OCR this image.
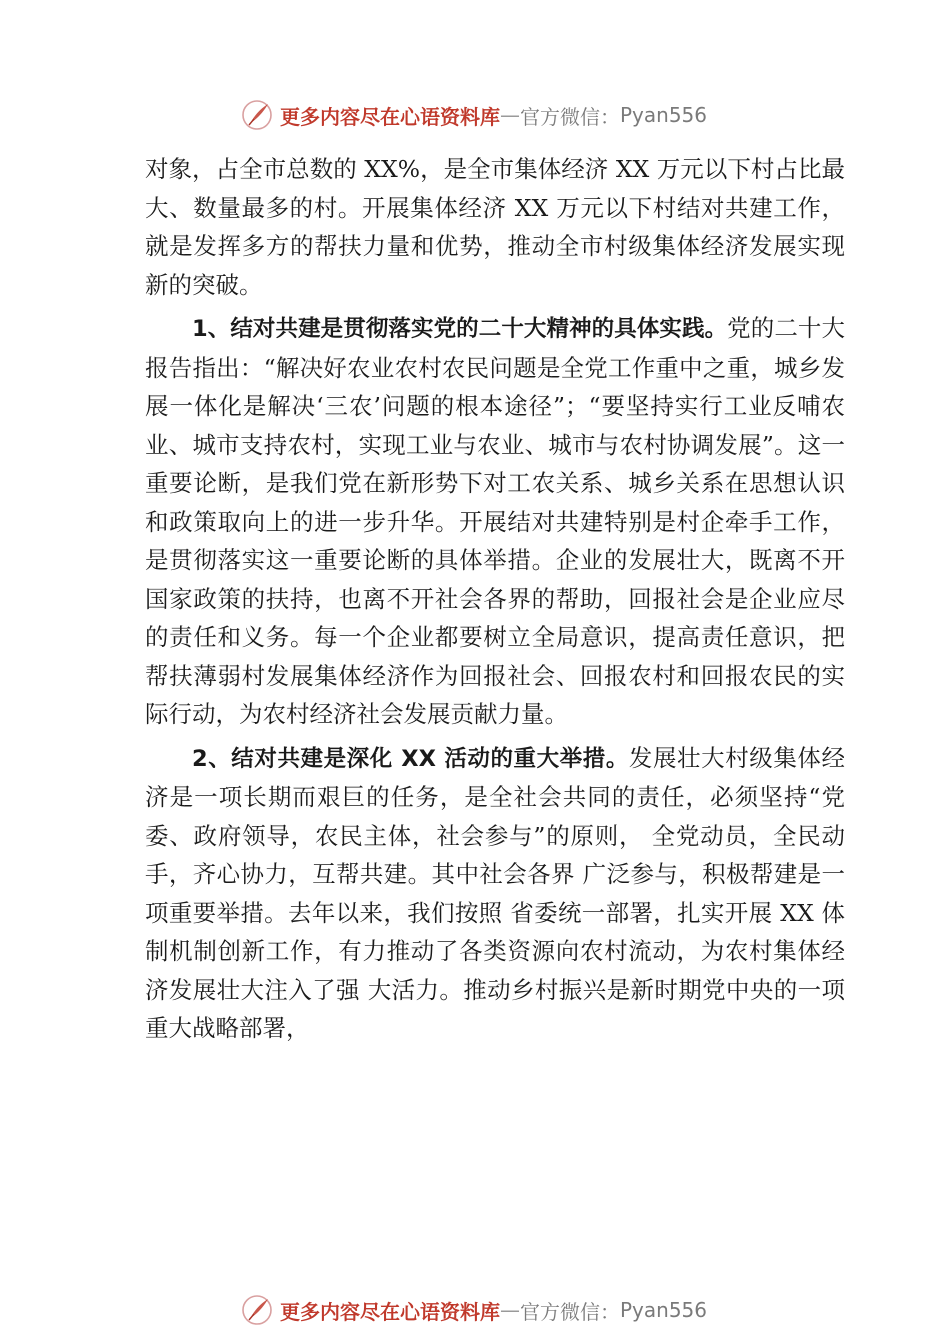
更多内容尽在心语资料库 — 官方微信： Pyan556

对象，占全市总数的 XX%，是全市集体经济 XX 万元以下村占比最大、数量最多的村。开展集体经济 XX 万元以下村结对共建工作，就是发挥多方的帮扶力量和优势，推动全市村级集体经济发展实现新的突破。

1、结对共建是贯彻落实党的二十大精神的具体实践。党的二十大报告指出：“解决好农业农村农民问题是全党工作重中之重，城乡发展一体化是解决‘三农’问题的根本途径”；“要坚持实行工业反哺农业、城市支持农村，实现工业与农业、城市与农村协调发展”。这一重要论断，是我们党在新形势下对工农关系、城乡关系在思想认识和政策取向上的进一步升华。开展结对共建特别是村企牵手工作，是贯彻落实这一重要论断的具体举措。企业的发展壮大，既离不开国家政策的扶持，也离不开社会各界的帮助，回报社会是企业应尽的责任和义务。每一个企业都要树立全局意识，提高责任意识，把帮扶薄弱村发展集体经济作为回报社会、回报农村和回报农民的实际行动，为农村经济社会发展贡献力量。

2、结对共建是深化 XX 活动的重大举措。发展壮大村级集体经济是一项长期而艰巨的任务，是全社会共同的责任，必须坚持“党委、政府领导，农民主体，社会参与”的原则， 全党动员，全民动手，齐心协力，互帮共建。其中社会各界 广泛参与，积极帮建是一项重要举措。去年以来，我们按照 省委统一部署，扎实开展 XX 体制机制创新工作，有力推动了各类资源向农村流动，为农村集体经济发展壮大注入了强 大活力。推动乡村振兴是新时期党中央的一项重大战略部署，

更多内容尽在心语资料库 — 官方微信： Pyan556
